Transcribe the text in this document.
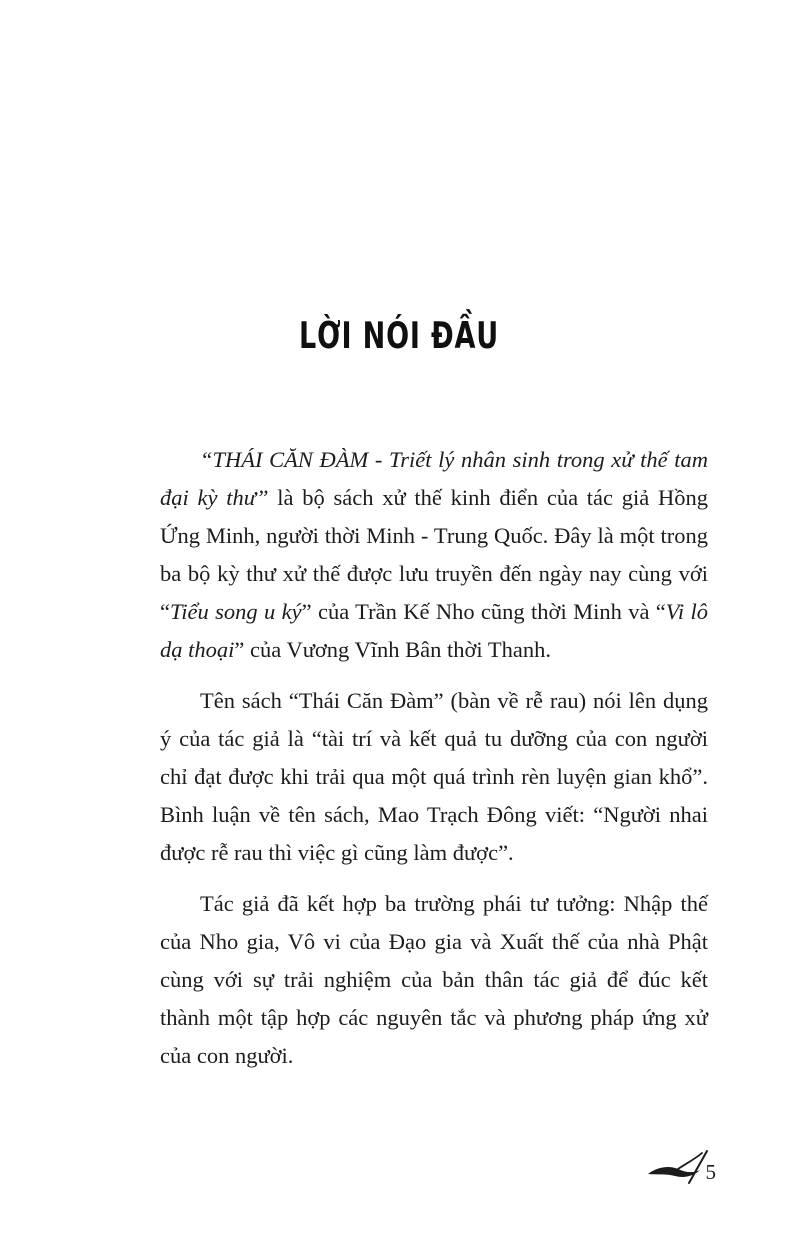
LỜI NÓI ĐẦU

“THÁI CĂN ĐÀM - Triết lý nhân sinh trong xử thế tam đại kỳ thư” là bộ sách xử thế kinh điển của tác giả Hồng Ứng Minh, người thời Minh - Trung Quốc. Đây là một trong ba bộ kỳ thư xử thế được lưu truyền đến ngày nay cùng với “Tiểu song u ký” của Trần Kế Nho cũng thời Minh và “Vi lô dạ thoại” của Vương Vĩnh Bân thời Thanh.

Tên sách “Thái Căn Đàm” (bàn về rễ rau) nói lên dụng ý của tác giả là “tài trí và kết quả tu dưỡng của con người chỉ đạt được khi trải qua một quá trình rèn luyện gian khổ”. Bình luận về tên sách, Mao Trạch Đông viết: “Người nhai được rễ rau thì việc gì cũng làm được”.

Tác giả đã kết hợp ba trường phái tư tưởng: Nhập thế của Nho gia, Vô vi của Đạo gia và Xuất thế của nhà Phật cùng với sự trải nghiệm của bản thân tác giả để đúc kết thành một tập hợp các nguyên tắc và phương pháp ứng xử của con người.

5
